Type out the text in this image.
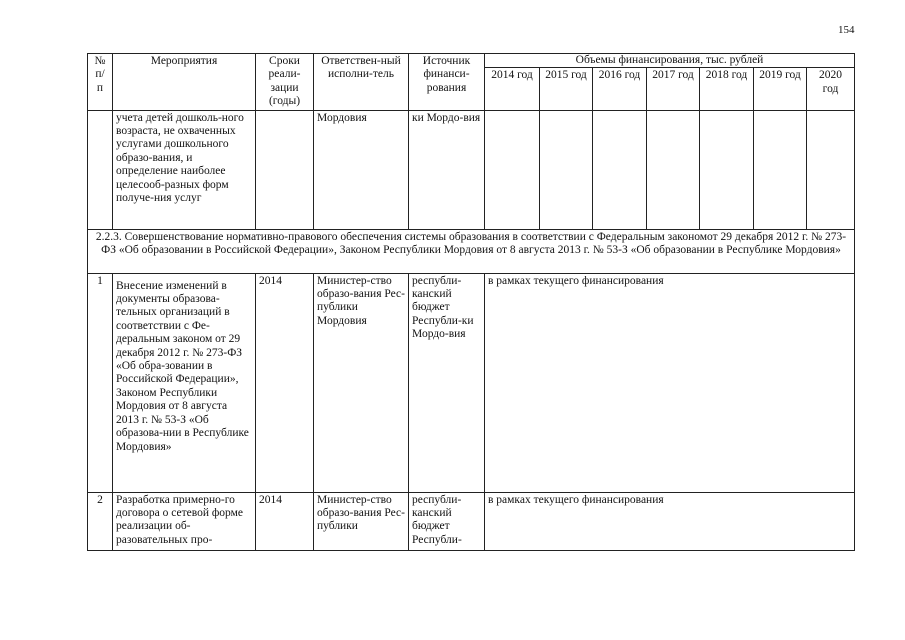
154
№ п/ п	Мероприятия	Сроки реали-зации (годы)	Ответствен-ный исполни-тель	Источник финанси-рования	Объемы финансирования, тыс. рублей						
					2014 год	2015 год	2016 год	2017 год	2018 год	2019 год	2020 год
	учета детей дошколь-ного возраста, не охваченных услугами дошкольного образо-вания, и определение наиболее целесооб-разных форм получе-ния услуг		Мордовия	ки Мордо-вия							
2.2.3. Совершенствование нормативно-правового обеспечения системы образования в соответствии с Федеральным закономот 29 декабря 2012 г. № 273-ФЗ «Об образовании в Российской Федерации», Законом Республики Мордовия от 8 августа 2013 г. № 53-З «Об образовании в Республике Мордовия»											
1	Внесение изменений в документы образова-тельных организаций в соответствии с Фе-деральным законом от 29 декабря 2012 г. № 273-ФЗ «Об обра-зовании в Российской Федерации», Законом Республики Мордовия от 8 августа 2013 г. № 53-З «Об образова-нии в Республике Мордовия»	2014	Министер-ство образо-вания Рес-публики Мордовия	республи-канский бюджет Республи-ки Мордо-вия	в рамках текущего финансирования						
2	Разработка примерно-го договора о сетевой форме реализации об-разовательных про-	2014	Министер-ство образо-вания Рес-публики	республи-канский бюджет Республи-	в рамках текущего финансирования						
